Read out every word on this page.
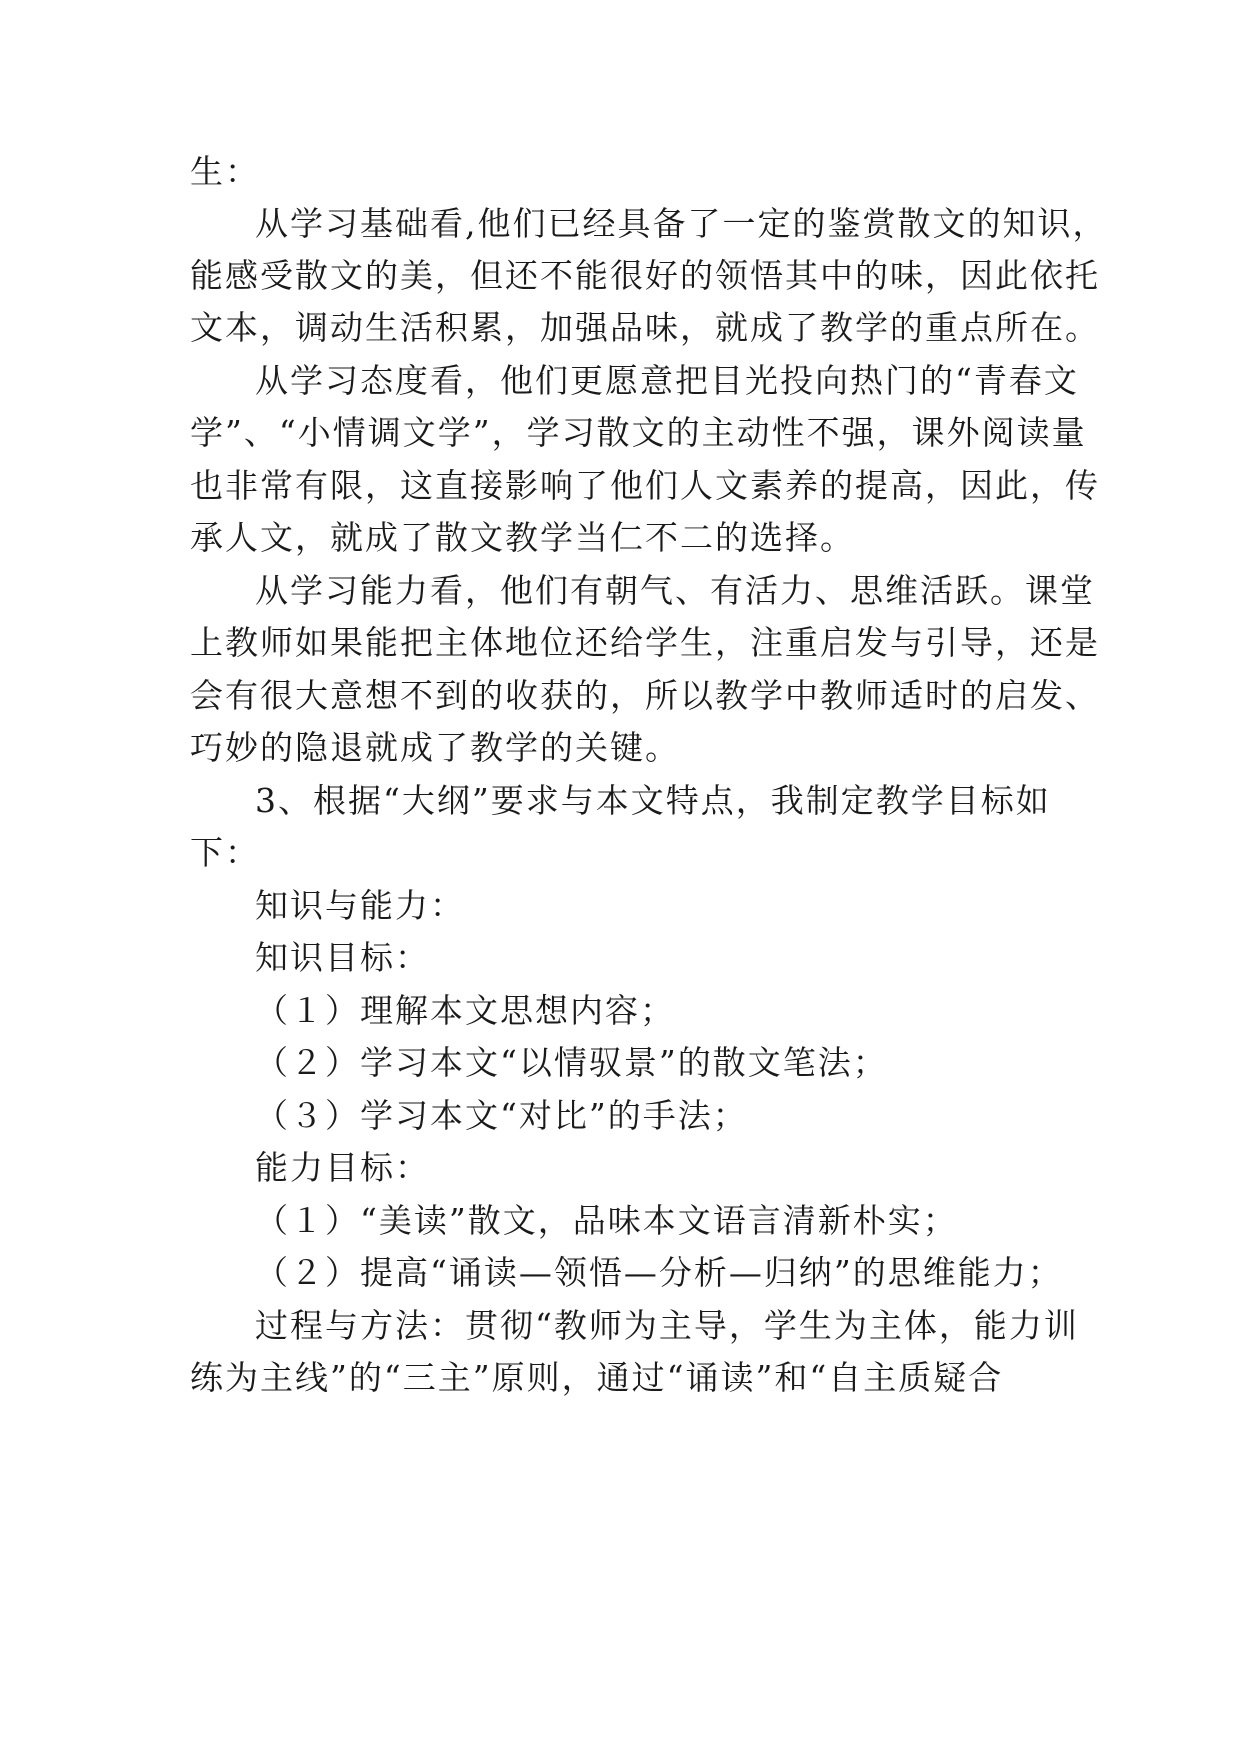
生：
从学习基础看,他们已经具备了一定的鉴赏散文的知识，
能感受散文的美，但还不能很好的领悟其中的味，因此依托
文本，调动生活积累，加强品味，就成了教学的重点所在。
从学习态度看，他们更愿意把目光投向热门的“青春文
学”、“小情调文学”，学习散文的主动性不强，课外阅读量
也非常有限，这直接影响了他们人文素养的提高，因此，传
承人文，就成了散文教学当仁不二的选择。
从学习能力看，他们有朝气、有活力、思维活跃。课堂
上教师如果能把主体地位还给学生，注重启发与引导，还是
会有很大意想不到的收获的，所以教学中教师适时的启发、
巧妙的隐退就成了教学的关键。
3、根据“大纲”要求与本文特点，我制定教学目标如
下：
知识与能力：
知识目标：
（１）理解本文思想内容；
（２）学习本文“以情驭景”的散文笔法；
（３）学习本文“对比”的手法；
能力目标：
（１）“美读”散文，品味本文语言清新朴实；
（２）提高“诵读—领悟—分析—归纳”的思维能力；
过程与方法：贯彻“教师为主导，学生为主体，能力训
练为主线”的“三主”原则，通过“诵读”和“自主质疑合
